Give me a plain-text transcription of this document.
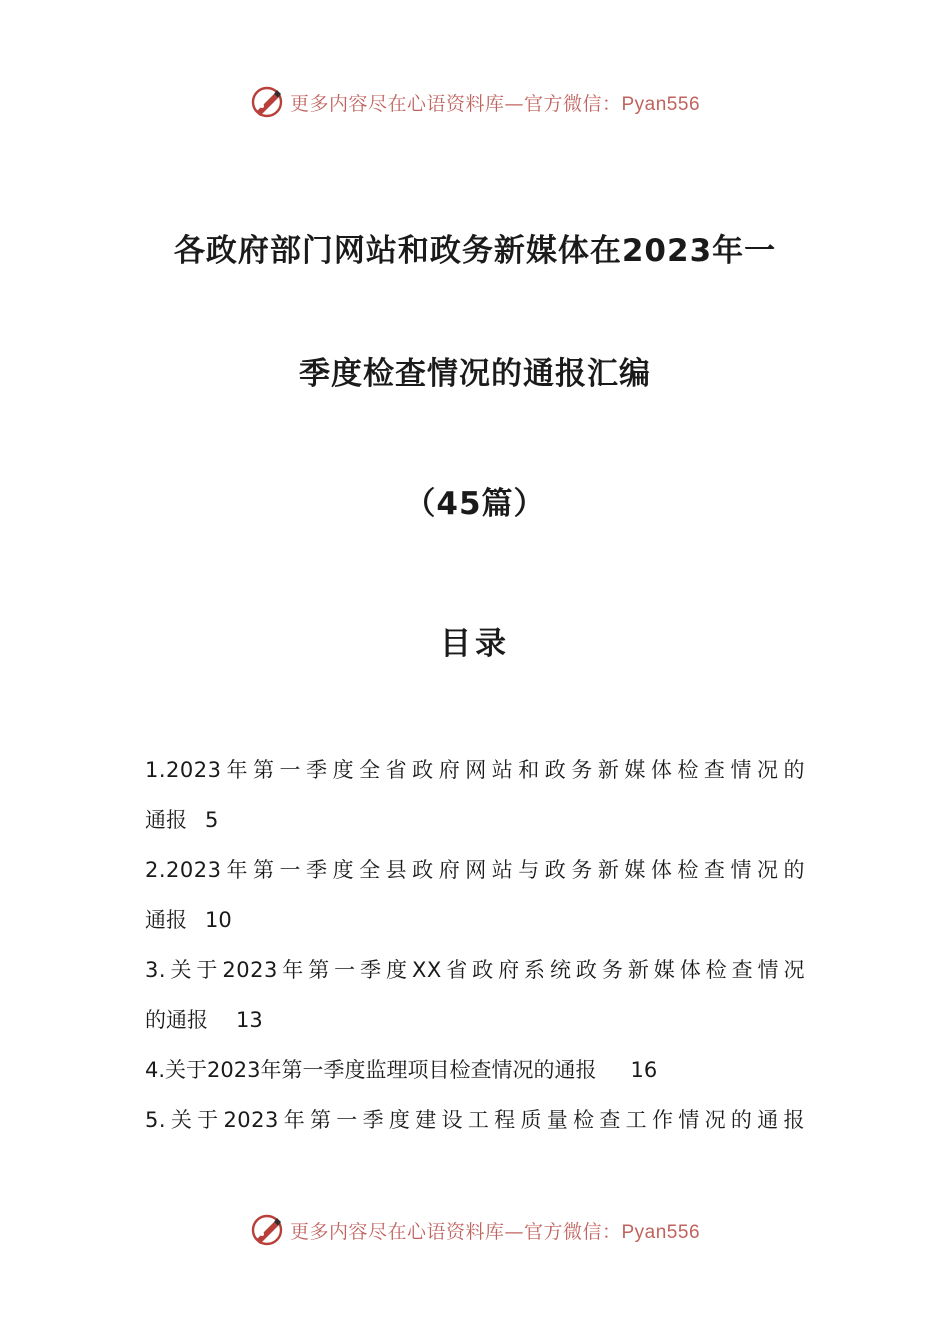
更多内容尽在心语资料库—官方微信：Pyan556
各政府部门网站和政务新媒体在2023年一
季度检查情况的通报汇编
（45篇）
目录
1.2023年第一季度全省政府网站和政务新媒体检查情况的
通报 5
2.2023年第一季度全县政府网站与政务新媒体检查情况的
通报 10
3.关于2023年第一季度XX省政府系统政务新媒体检查情况
的通报 13
4.关于2023年第一季度监理项目检查情况的通报 16
5.关于2023年第一季度建设工程质量检查工作情况的通报
更多内容尽在心语资料库—官方微信：Pyan556
